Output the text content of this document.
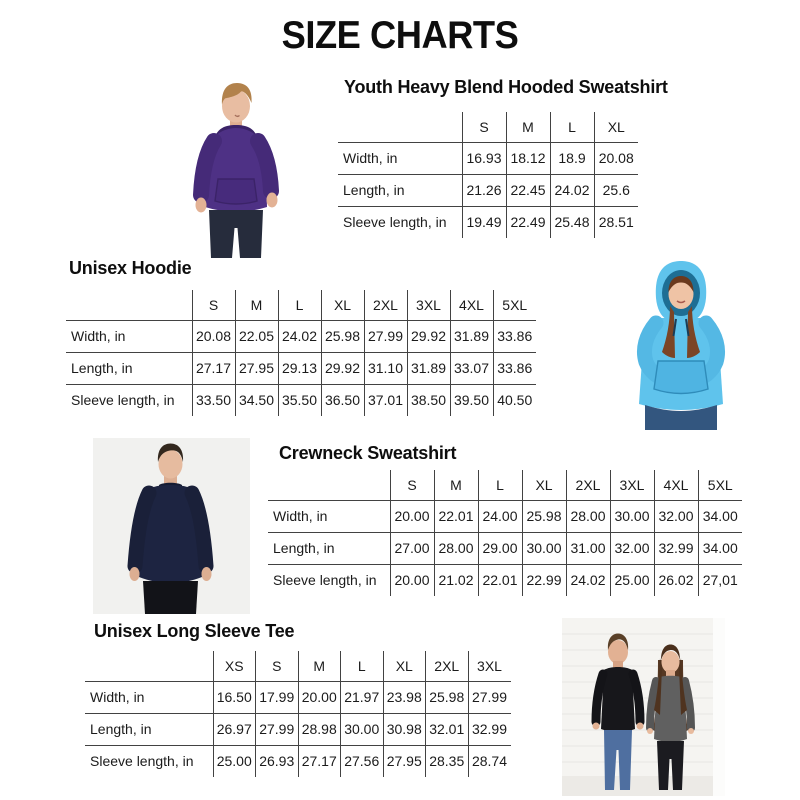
SIZE CHARTS
Youth Heavy Blend Hooded Sweatshirt
	S	M	L	XL
Width, in	16.93	18.12	18.9	20.08
Length, in	21.26	22.45	24.02	25.6
Sleeve length, in	19.49	22.49	25.48	28.51
Unisex Hoodie
	S	M	L	XL	2XL	3XL	4XL	5XL
Width, in	20.08	22.05	24.02	25.98	27.99	29.92	31.89	33.86
Length, in	27.17	27.95	29.13	29.92	31.10	31.89	33.07	33.86
Sleeve length, in	33.50	34.50	35.50	36.50	37.01	38.50	39.50	40.50
Crewneck Sweatshirt
	S	M	L	XL	2XL	3XL	4XL	5XL
Width, in	20.00	22.01	24.00	25.98	28.00	30.00	32.00	34.00
Length, in	27.00	28.00	29.00	30.00	31.00	32.00	32.99	34.00
Sleeve length, in	20.00	21.02	22.01	22.99	24.02	25.00	26.02	27,01
Unisex Long Sleeve Tee
	XS	S	M	L	XL	2XL	3XL
Width, in	16.50	17.99	20.00	21.97	23.98	25.98	27.99
Length, in	26.97	27.99	28.98	30.00	30.98	32.01	32.99
Sleeve length, in	25.00	26.93	27.17	27.56	27.95	28.35	28.74
